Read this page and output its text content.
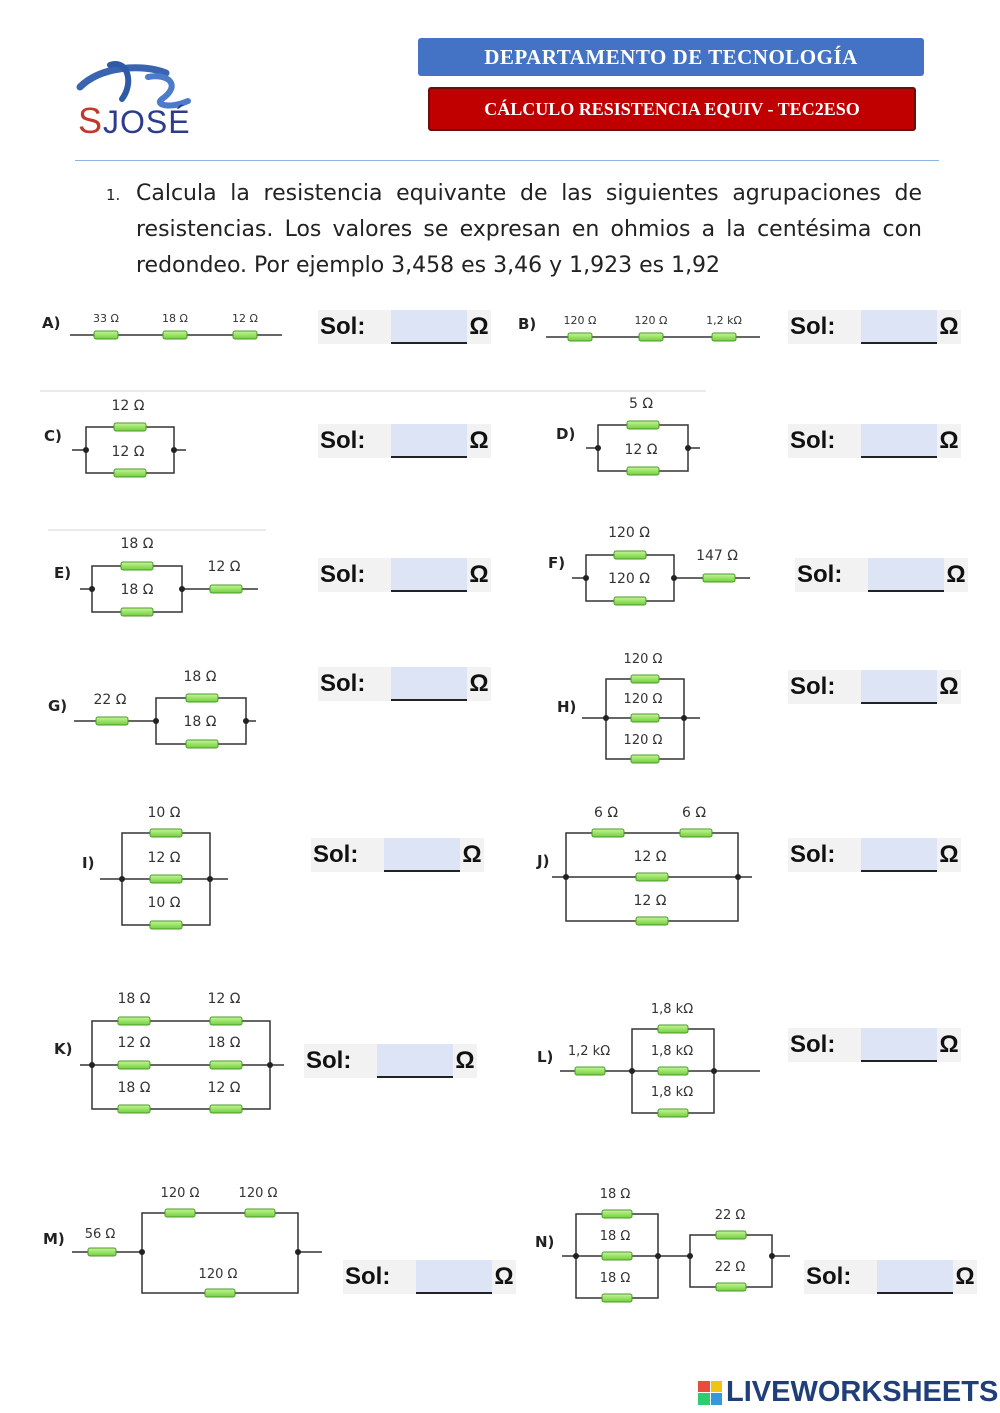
SJOSÉ
DEPARTAMENTO DE TECNOLOGÍA
CÁLCULO RESISTENCIA EQUIV - TEC2ESO
1. Calcula la resistencia equivante de las siguientes agrupaciones de resistencias. Los valores se expresan en ohmios a la centésima con redondeo. Por ejemplo 3,458 es 3,46 y 1,923 es 1,92
A)	B)
C)	D)
E)
F)
G)	H)
I)	J)
K)	L)
M)	N)
33 Ω	18 Ω	12 Ω	120 Ω	120 Ω	1,2 kΩ
12 Ω
12 Ω
5 Ω
12 Ω
18 Ω
18 Ω
12 Ω
120 Ω
120 Ω
147 Ω
22 Ω
18 Ω
18 Ω
10 Ω
12 Ω
10 Ω
6 Ω	6 Ω
12 Ω
12 Ω
18 Ω	12 Ω
12 Ω	18 Ω
18 Ω	12 Ω
120 Ω
120 Ω
120 Ω
1,2 kΩ
1,8 kΩ
1,8 kΩ
1,8 kΩ
56 Ω
120 Ω	120 Ω
120 Ω
18 Ω
18 Ω
18 Ω
22 Ω
22 Ω
Sol:	Ω	Sol:	Ω
Sol:	Ω	Sol:	Ω
Sol:	Ω	Sol:	Ω
Sol:	Ω	Sol:	Ω
Sol:	Ω	Sol:	Ω
Sol:	Ω
Sol:	Ω
Sol:	Ω	Sol:	Ω
LIVEWORKSHEETS
